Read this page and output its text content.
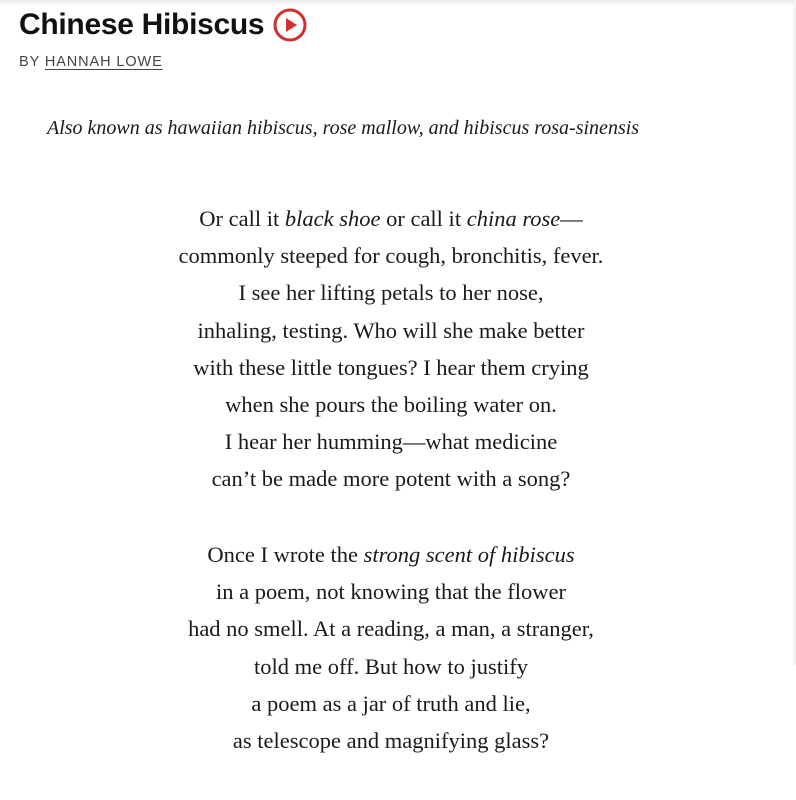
Chinese Hibiscus
BY HANNAH LOWE
Also known as hawaiian hibiscus, rose mallow, and hibiscus rosa-sinensis
Or call it black shoe or call it china rose—
commonly steeped for cough, bronchitis, fever.
I see her lifting petals to her nose,
inhaling, testing. Who will she make better
with these little tongues? I hear them crying
when she pours the boiling water on.
I hear her humming—what medicine
can’t be made more potent with a song?
Once I wrote the strong scent of hibiscus
in a poem, not knowing that the flower
had no smell. At a reading, a man, a stranger,
told me off. But how to justify
a poem as a jar of truth and lie,
as telescope and magnifying glass?
